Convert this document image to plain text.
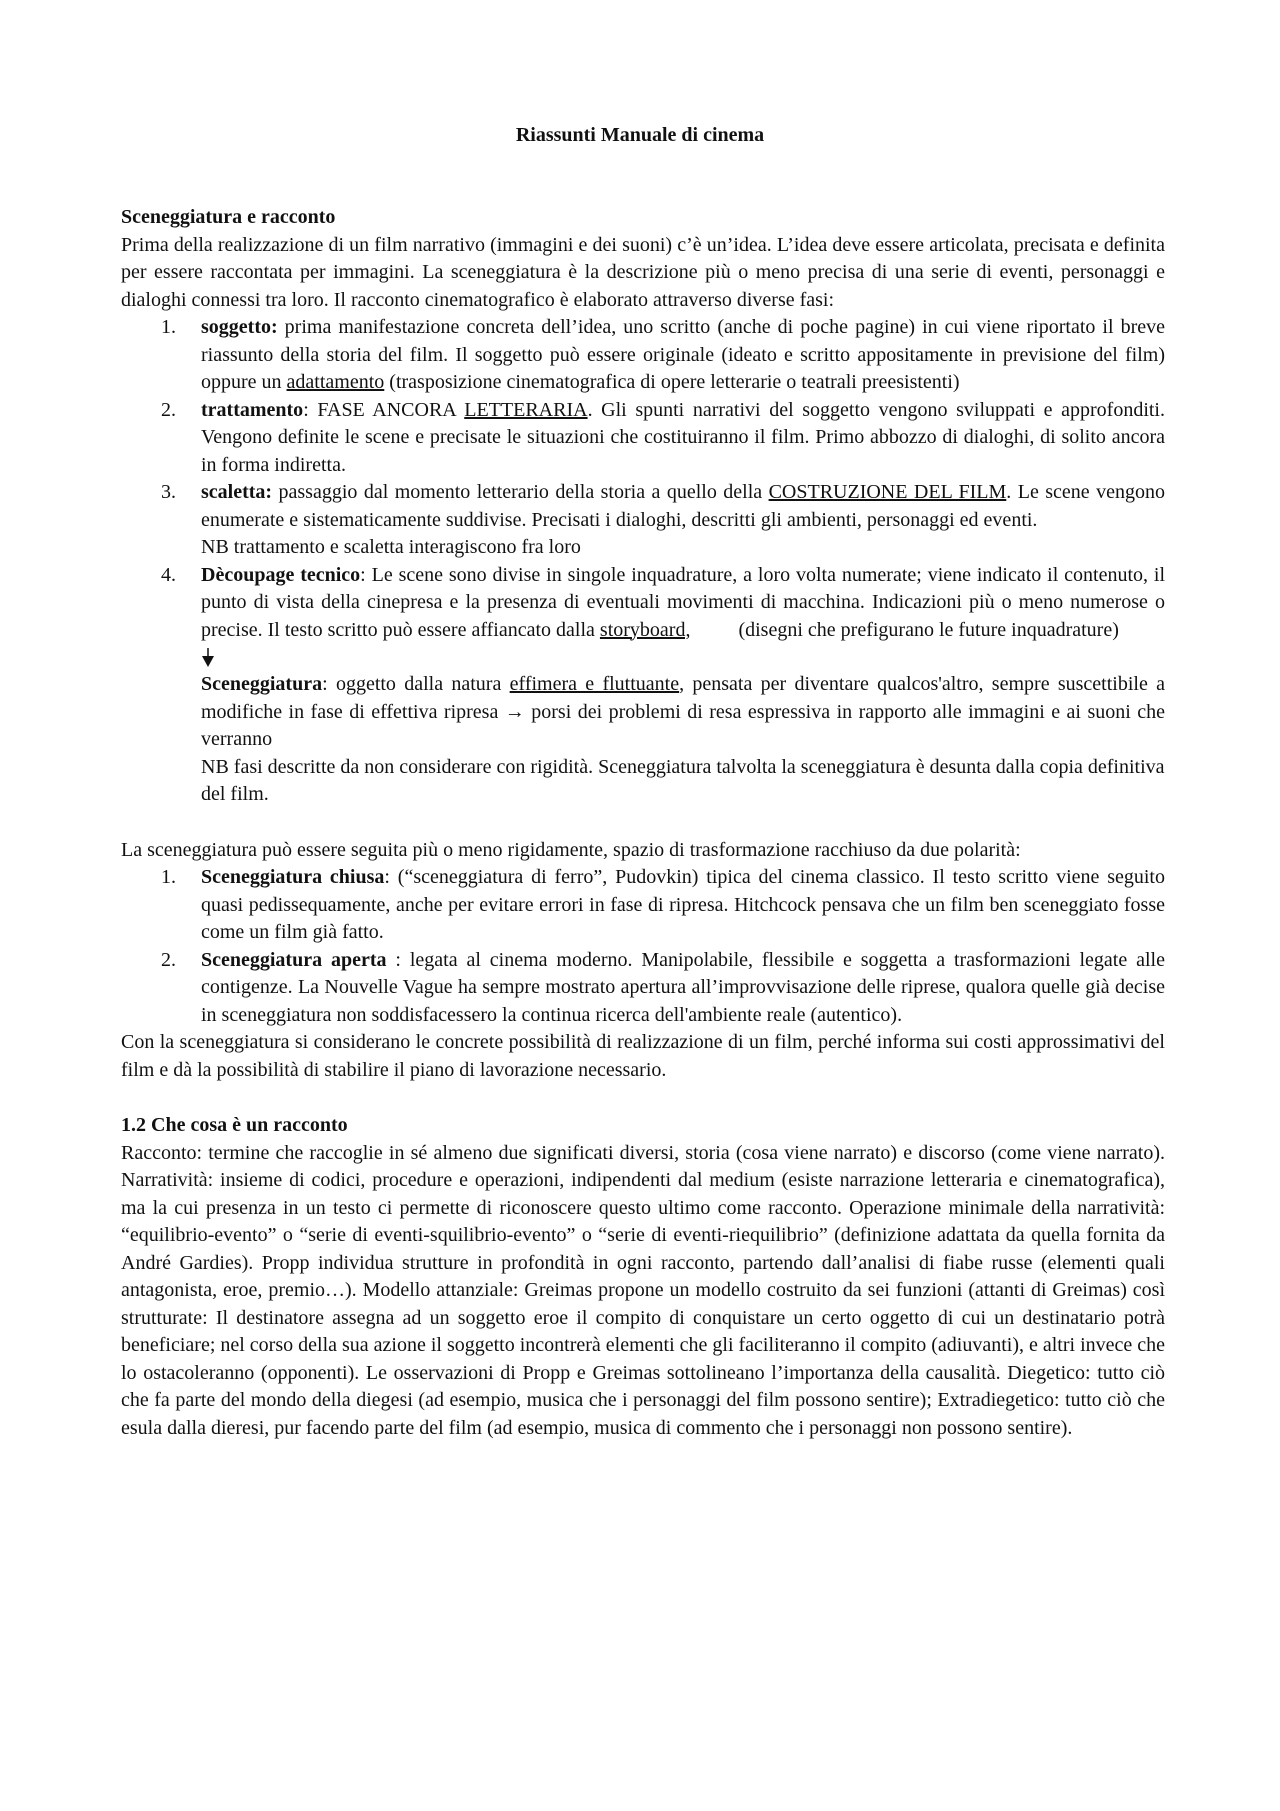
Riassunti Manuale di cinema
Sceneggiatura e racconto
Prima della realizzazione di un film narrativo (immagini e dei suoni) c’è un’idea. L’idea deve essere articolata, precisata e definita per essere raccontata per immagini. La sceneggiatura è la descrizione più o meno precisa di una serie di eventi, personaggi e dialoghi connessi tra loro. Il racconto cinematografico è elaborato attraverso diverse fasi:
1. soggetto: prima manifestazione concreta dell’idea, uno scritto (anche di poche pagine) in cui viene riportato il breve riassunto della storia del film. Il soggetto può essere originale (ideato e scritto appositamente in previsione del film) oppure un adattamento (trasposizione cinematografica di opere letterarie o teatrali preesistenti)
2. trattamento: FASE ANCORA LETTERARIA. Gli spunti narrativi del soggetto vengono sviluppati e approfonditi. Vengono definite le scene e precisate le situazioni che costituiranno il film. Primo abbozzo di dialoghi, di solito ancora in forma indiretta.
3. scaletta: passaggio dal momento letterario della storia a quello della COSTRUZIONE DEL FILM. Le scene vengono enumerate e sistematicamente suddivise. Precisati i dialoghi, descritti gli ambienti, personaggi ed eventi.
NB trattamento e scaletta interagiscono fra loro
4. Dècoupage tecnico: Le scene sono divise in singole inquadrature, a loro volta numerate; viene indicato il contenuto, il punto di vista della cinepresa e la presenza di eventuali movimenti di macchina. Indicazioni più o meno numerose o precise. Il testo scritto può essere affiancato dalla storyboard, (disegni che prefigurano le future inquadrature)
Sceneggiatura: oggetto dalla natura effimera e fluttuante, pensata per diventare qualcos'altro, sempre suscettibile a modifiche in fase di effettiva ripresa → porsi dei problemi di resa espressiva in rapporto alle immagini e ai suoni che verranno
NB fasi descritte da non considerare con rigidità. Sceneggiatura talvolta la sceneggiatura è desunta dalla copia definitiva del film.
La sceneggiatura può essere seguita più o meno rigidamente, spazio di trasformazione racchiuso da due polarità:
1. Sceneggiatura chiusa: (“sceneggiatura di ferro”, Pudovkin) tipica del cinema classico. Il testo scritto viene seguito quasi pedissequamente, anche per evitare errori in fase di ripresa. Hitchcock pensava che un film ben sceneggiato fosse come un film già fatto.
2. Sceneggiatura aperta : legata al cinema moderno. Manipolabile, flessibile e soggetta a trasformazioni legate alle contigenze. La Nouvelle Vague ha sempre mostrato apertura all’improvvisazione delle riprese, qualora quelle già decise in sceneggiatura non soddisfacessero la continua ricerca dell'ambiente reale (autentico).
Con la sceneggiatura si considerano le concrete possibilità di realizzazione di un film, perché informa sui costi approssimativi del film e dà la possibilità di stabilire il piano di lavorazione necessario.
1.2 Che cosa è un racconto
Racconto: termine che raccoglie in sé almeno due significati diversi, storia (cosa viene narrato) e discorso (come viene narrato). Narratività: insieme di codici, procedure e operazioni, indipendenti dal medium (esiste narrazione letteraria e cinematografica), ma la cui presenza in un testo ci permette di riconoscere questo ultimo come racconto. Operazione minimale della narratività: “equilibrio-evento” o “serie di eventi-squilibrio-evento” o “serie di eventi-riequilibrio” (definizione adattata da quella fornita da André Gardies). Propp individua strutture in profondità in ogni racconto, partendo dall’analisi di fiabe russe (elementi quali antagonista, eroe, premio…). Modello attanziale: Greimas propone un modello costruito da sei funzioni (attanti di Greimas) così strutturate: Il destinatore assegna ad un soggetto eroe il compito di conquistare un certo oggetto di cui un destinatario potrà beneficiare; nel corso della sua azione il soggetto incontrerà elementi che gli faciliteranno il compito (adiuvanti), e altri invece che lo ostacoleranno (opponenti). Le osservazioni di Propp e Greimas sottolineano l’importanza della causalità. Diegetico: tutto ciò che fa parte del mondo della diegesi (ad esempio, musica che i personaggi del film possono sentire); Extradiegetico: tutto ciò che esula dalla dieresi, pur facendo parte del film (ad esempio, musica di commento che i personaggi non possono sentire).
